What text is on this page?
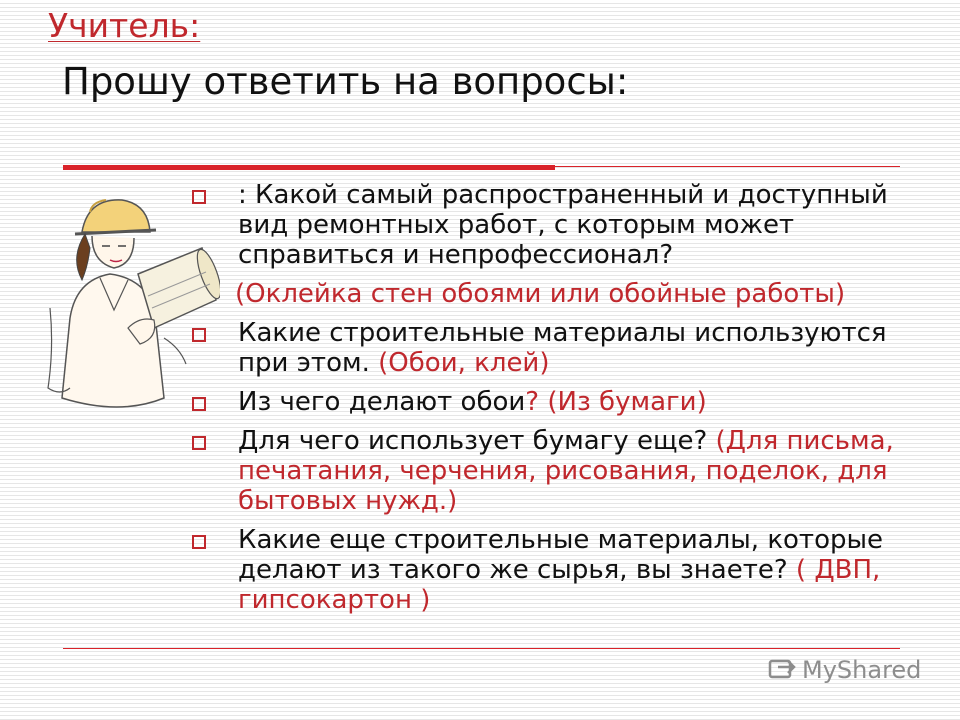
Учитель:
Прошу ответить на вопросы:
: Какой самый распространенный и доступный вид ремонтных работ, с которым может справиться и непрофессионал?
(Оклейка стен обоями или обойные работы)
Какие строительные материалы используются при этом. (Обои, клей)
Из чего делают обои? (Из бумаги)
Для чего использует бумагу еще? (Для письма, печатания, черчения, рисования, поделок, для бытовых нужд.)
Какие еще строительные материалы, которые делают из такого же сырья, вы знаете? ( ДВП, гипсокартон )
MyShared
